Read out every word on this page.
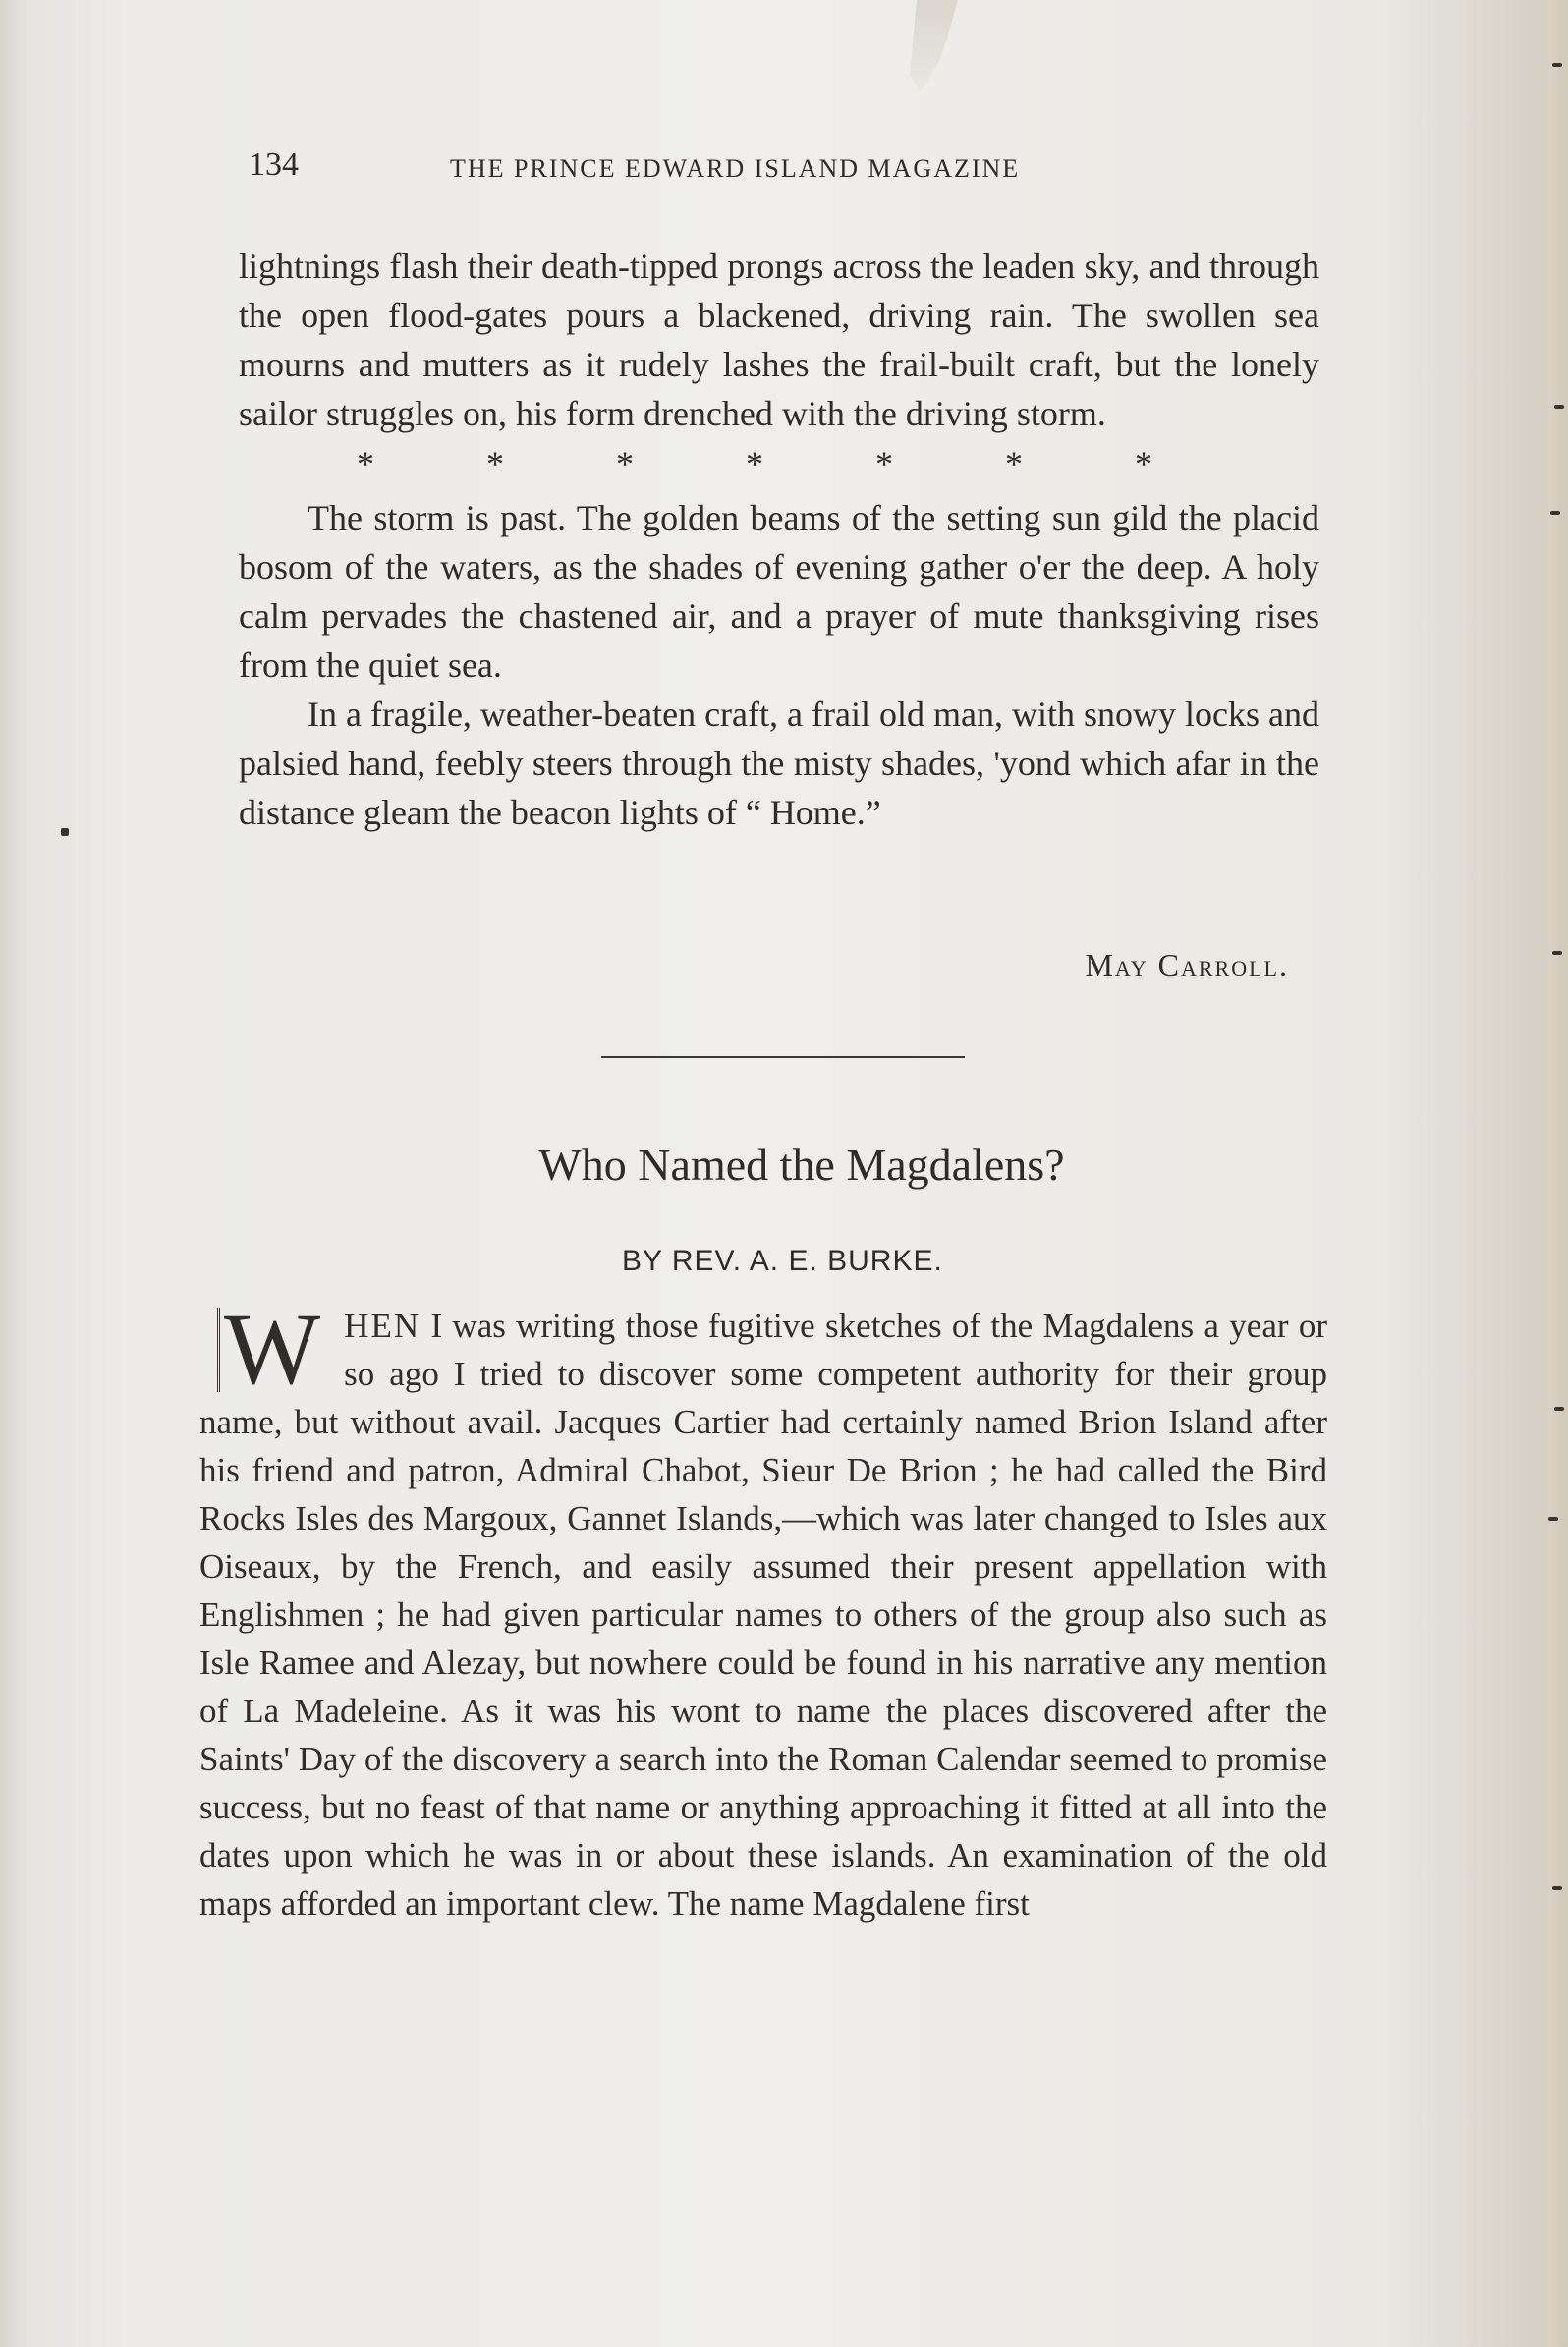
134	THE PRINCE EDWARD ISLAND MAGAZINE

lightnings flash their death-tipped prongs across the leaden sky, and through the open flood-gates pours a blackened, driving rain. The swollen sea mourns and mutters as it rudely lashes the frail-built craft, but the lonely sailor struggles on, his form drenched with the driving storm.

*	*	*	*	*	*	*

The storm is past. The golden beams of the setting sun gild the placid bosom of the waters, as the shades of evening gather o'er the deep. A holy calm pervades the chastened air, and a prayer of mute thanksgiving rises from the quiet sea.

In a fragile, weather-beaten craft, a frail old man, with snowy locks and palsied hand, feebly steers through the misty shades, 'yond which afar in the distance gleam the beacon lights of “ Home.”

May Carroll.
Who Named the Magdalens?
BY REV. A. E. BURKE.
W HEN I was writing those fugitive sketches of the Magdalens a year or so ago I tried to discover some competent authority for their group name, but without avail. Jacques Cartier had certainly named Brion Island after his friend and patron, Admiral Chabot, Sieur De Brion ; he had called the Bird Rocks Isles des Margoux, Gannet Islands,—which was later changed to Isles aux Oiseaux, by the French, and easily assumed their present appellation with Englishmen ; he had given particular names to others of the group also such as Isle Ramee and Alezay, but nowhere could be found in his narrative any mention of La Madeleine. As it was his wont to name the places discovered after the Saints' Day of the discovery a search into the Roman Calendar seemed to promise success, but no feast of that name or anything approaching it fitted at all into the dates upon which he was in or about these islands. An examination of the old maps afforded an important clew. The name Magdalene first
